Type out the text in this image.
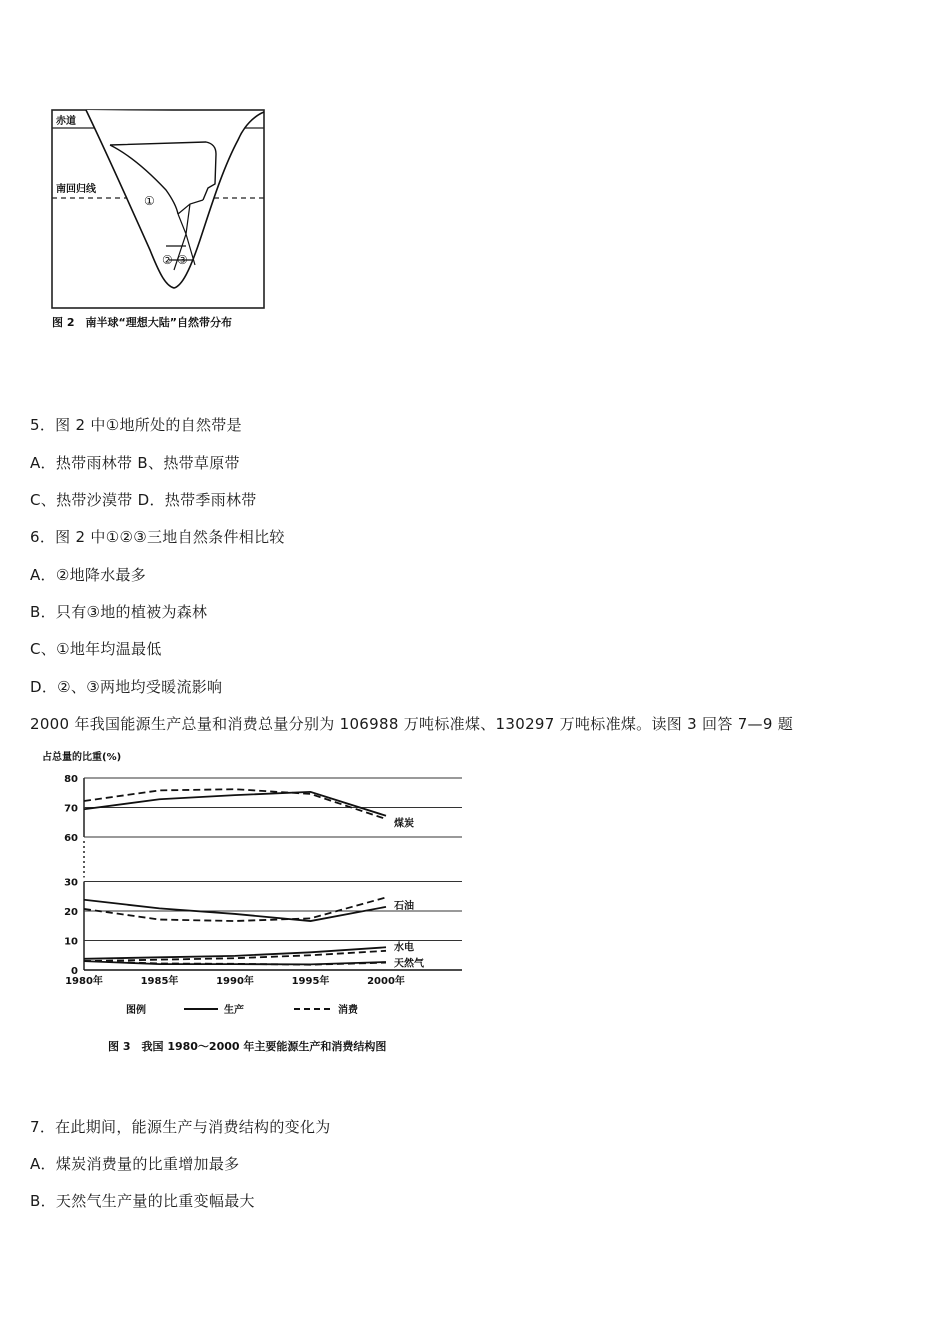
赤道
南回归线
①
② ③
图 2　南半球“理想大陆”自然带分布
5．图 2 中①地所处的自然带是
A．热带雨林带 B、热带草原带
C、热带沙漠带 D．热带季雨林带
6．图 2 中①②③三地自然条件相比较
A．②地降水最多
B．只有③地的植被为森林
C、①地年均温最低
D．②、③两地均受暖流影响
2000 年我国能源生产总量和消费总量分别为 106988 万吨标准煤、130297 万吨标准煤。读图 3 回答 7—9 题
占总量的比重(%)
60
70
80
0
10
20
30
1980年	1985年	1990年	1995年	2000年
煤炭
石油
水电
天然气
图例	生产	消费
图 3　我国 1980～2000 年主要能源生产和消费结构图
7．在此期间，能源生产与消费结构的变化为
A．煤炭消费量的比重增加最多
B．天然气生产量的比重变幅最大
